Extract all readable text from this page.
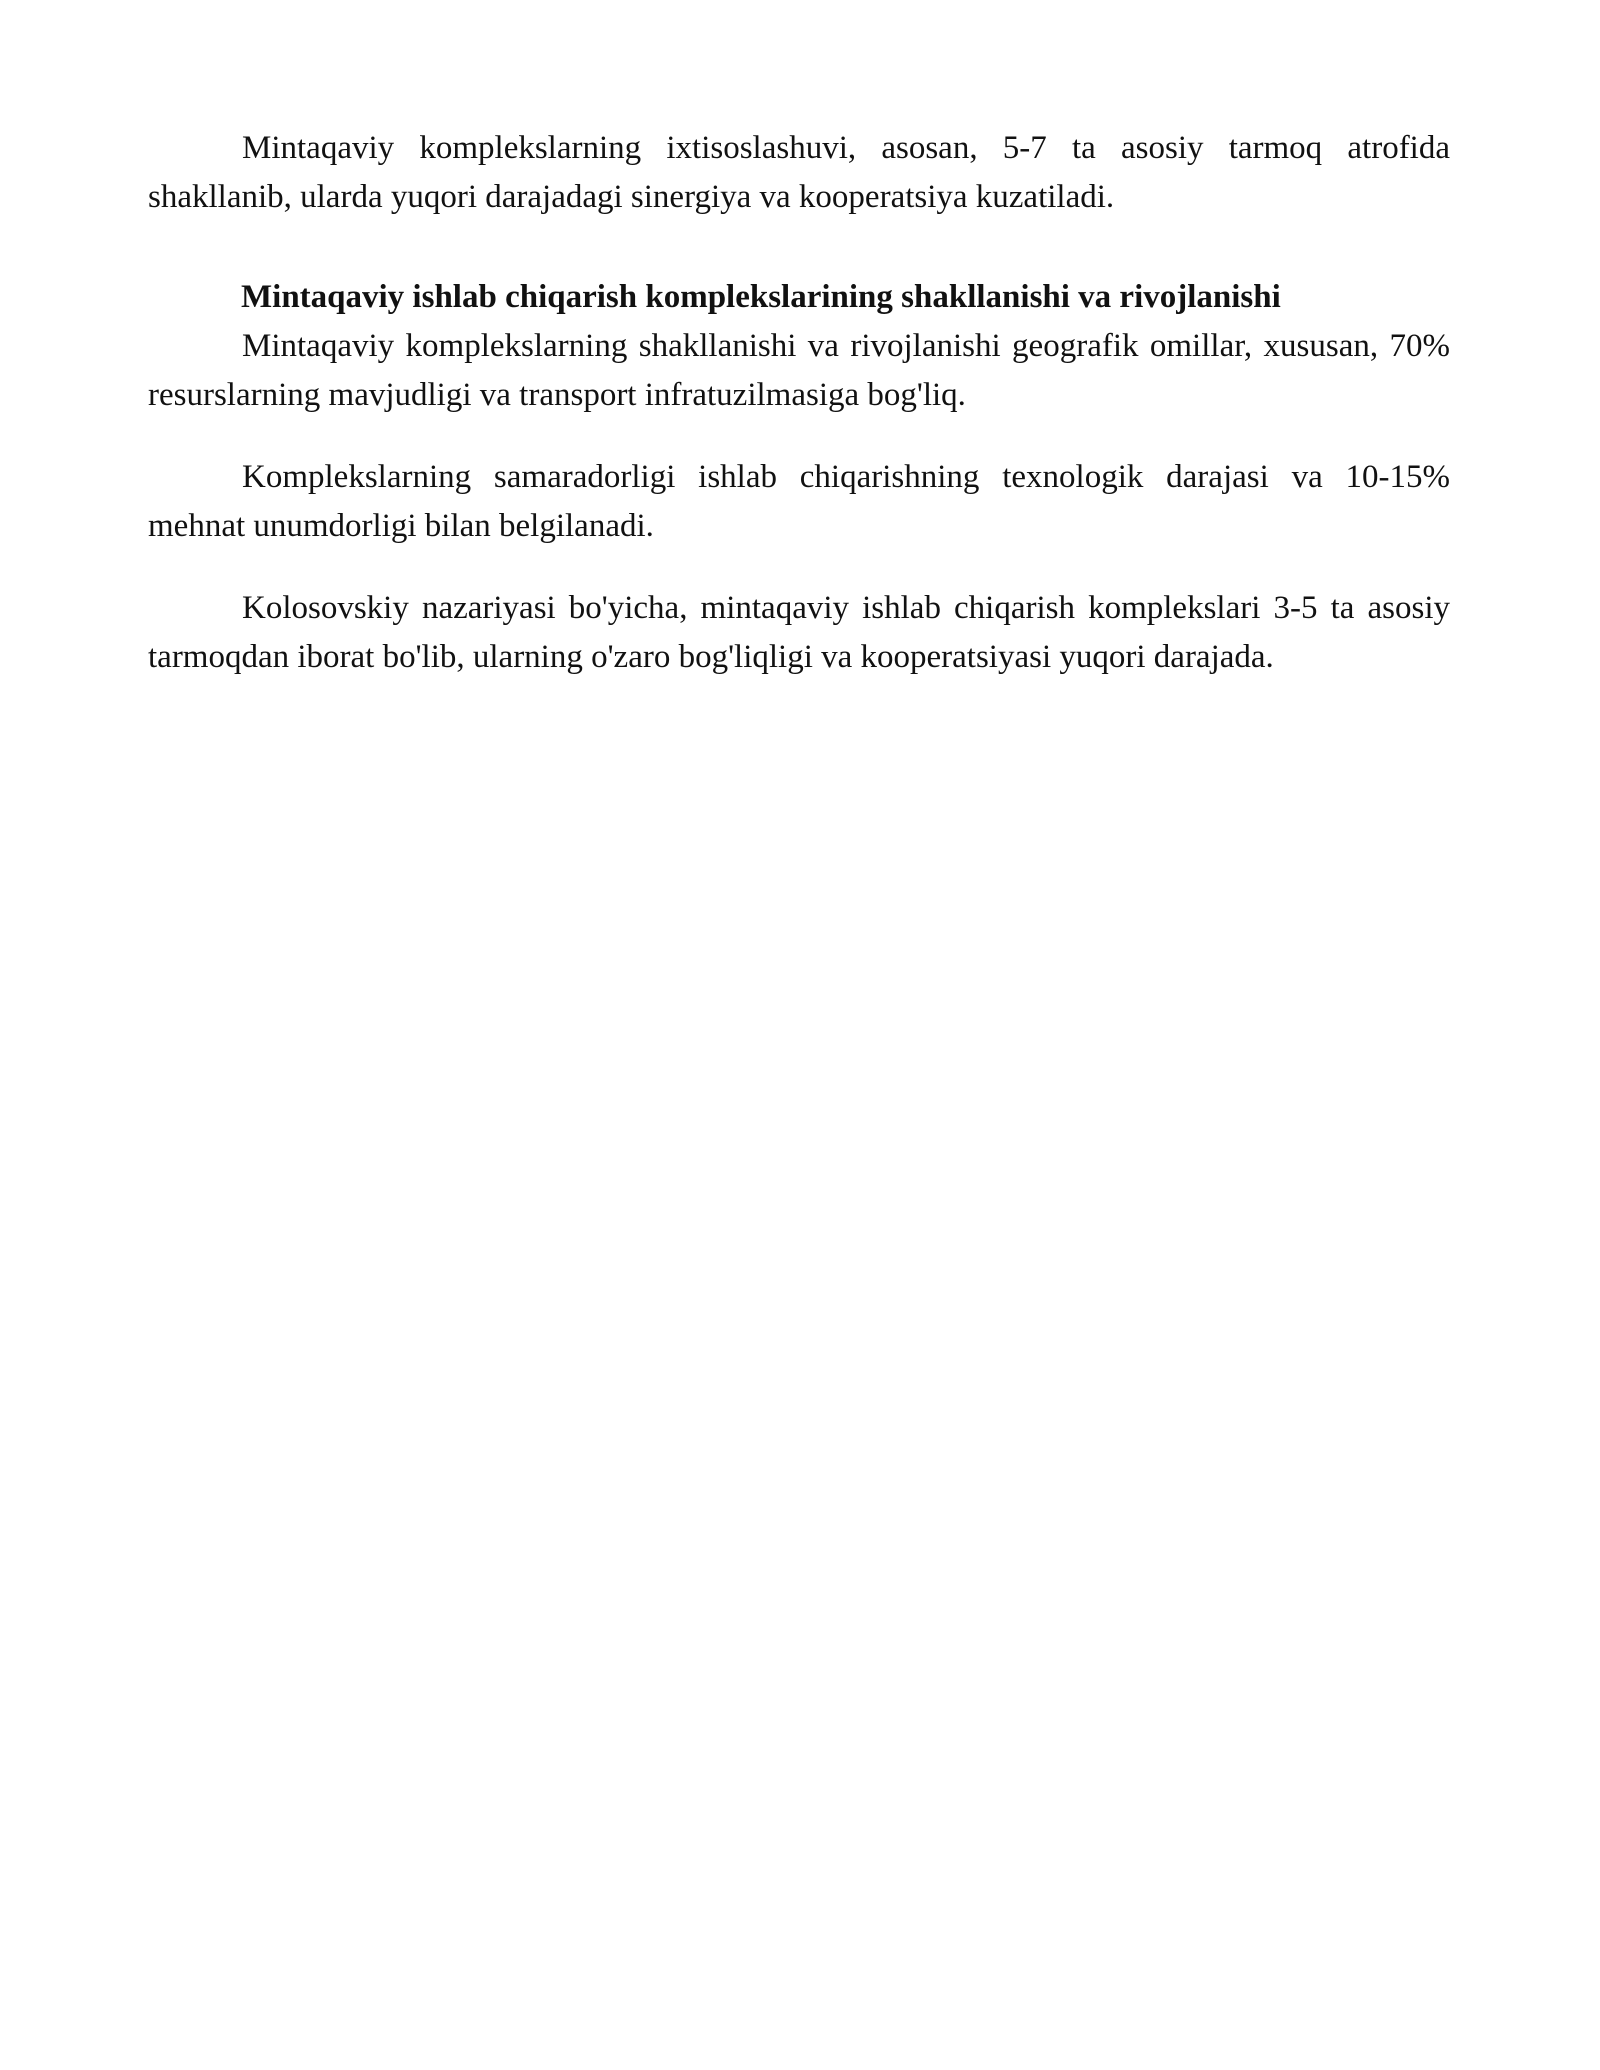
Mintaqaviy komplekslarning ixtisoslashuvi, asosan, 5-7 ta asosiy tarmoq atrofida shakllanib, ularda yuqori darajadagi sinergiya va kooperatsiya kuzatiladi.

Mintaqaviy ishlab chiqarish komplekslarining shakllanishi va rivojlanishi

Mintaqaviy komplekslarning shakllanishi va rivojlanishi geografik omillar, xususan, 70% resurslarning mavjudligi va transport infratuzilmasiga bog'liq.

Komplekslarning samaradorligi ishlab chiqarishning texnologik darajasi va 10-15% mehnat unumdorligi bilan belgilanadi.

Kolosovskiy nazariyasi bo'yicha, mintaqaviy ishlab chiqarish komplekslari 3-5 ta asosiy tarmoqdan iborat bo'lib, ularning o'zaro bog'liqligi va kooperatsiyasi yuqori darajada.
